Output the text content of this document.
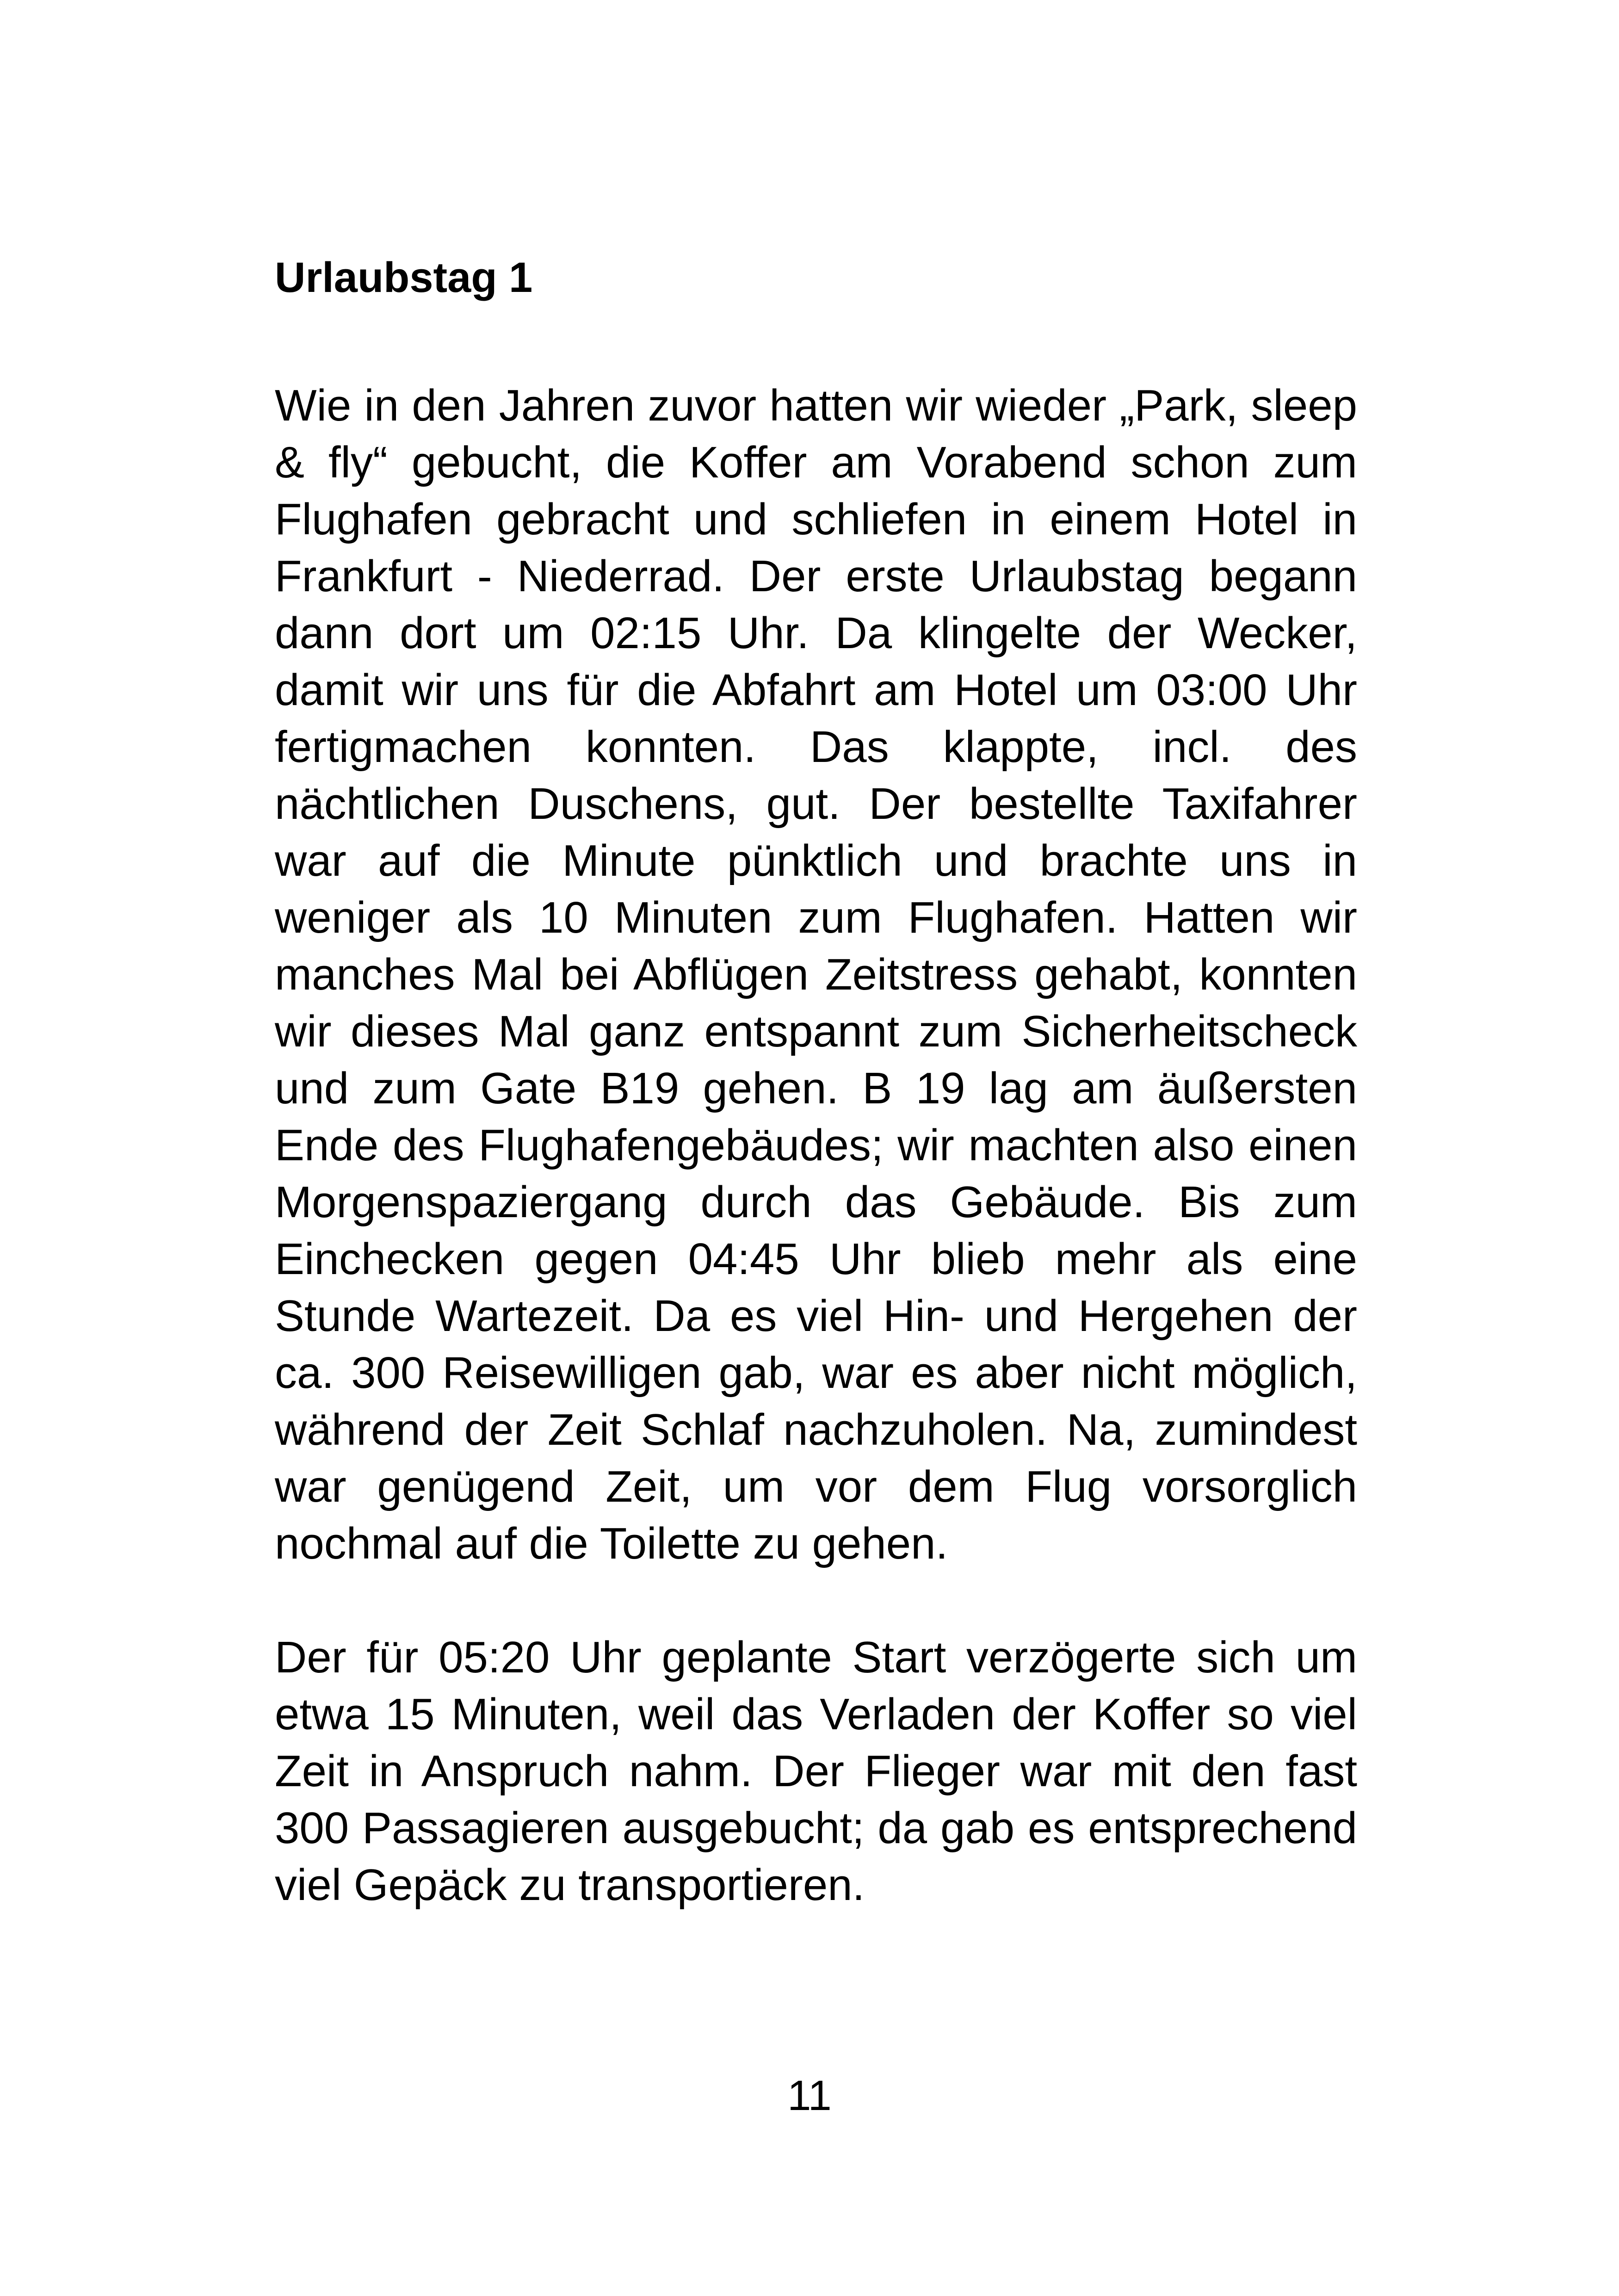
Urlaubstag 1

Wie in den Jahren zuvor hatten wir wieder „Park, sleep & fly“ gebucht, die Koffer am Vorabend schon zum Flughafen gebracht und schliefen in einem Hotel in Frankfurt - Niederrad. Der erste Urlaubstag begann dann dort um 02:15 Uhr. Da klingelte der Wecker, damit wir uns für die Abfahrt am Hotel um 03:00 Uhr fertigmachen konnten. Das klappte, incl. des nächtlichen Duschens, gut. Der bestellte Taxifahrer war auf die Minute pünktlich und brachte uns in weniger als 10 Minuten zum Flughafen. Hatten wir manches Mal bei Abflügen Zeitstress gehabt, konnten wir dieses Mal ganz entspannt zum Sicherheitscheck und zum Gate B19 gehen. B 19 lag am äußersten Ende des Flughafengebäudes; wir machten also einen Morgenspaziergang durch das Gebäude. Bis zum Einchecken gegen 04:45 Uhr blieb mehr als eine Stunde Wartezeit. Da es viel Hin- und Hergehen der ca. 300 Reisewilligen gab, war es aber nicht möglich, während der Zeit Schlaf nachzuholen. Na, zumindest war genügend Zeit, um vor dem Flug vorsorglich nochmal auf die Toilette zu gehen.

Der für 05:20 Uhr geplante Start verzögerte sich um etwa 15 Minuten, weil das Verladen der Koffer so viel Zeit in Anspruch nahm. Der Flieger war mit den fast 300 Passagieren ausgebucht; da gab es entsprechend viel Gepäck zu transportieren.

11
